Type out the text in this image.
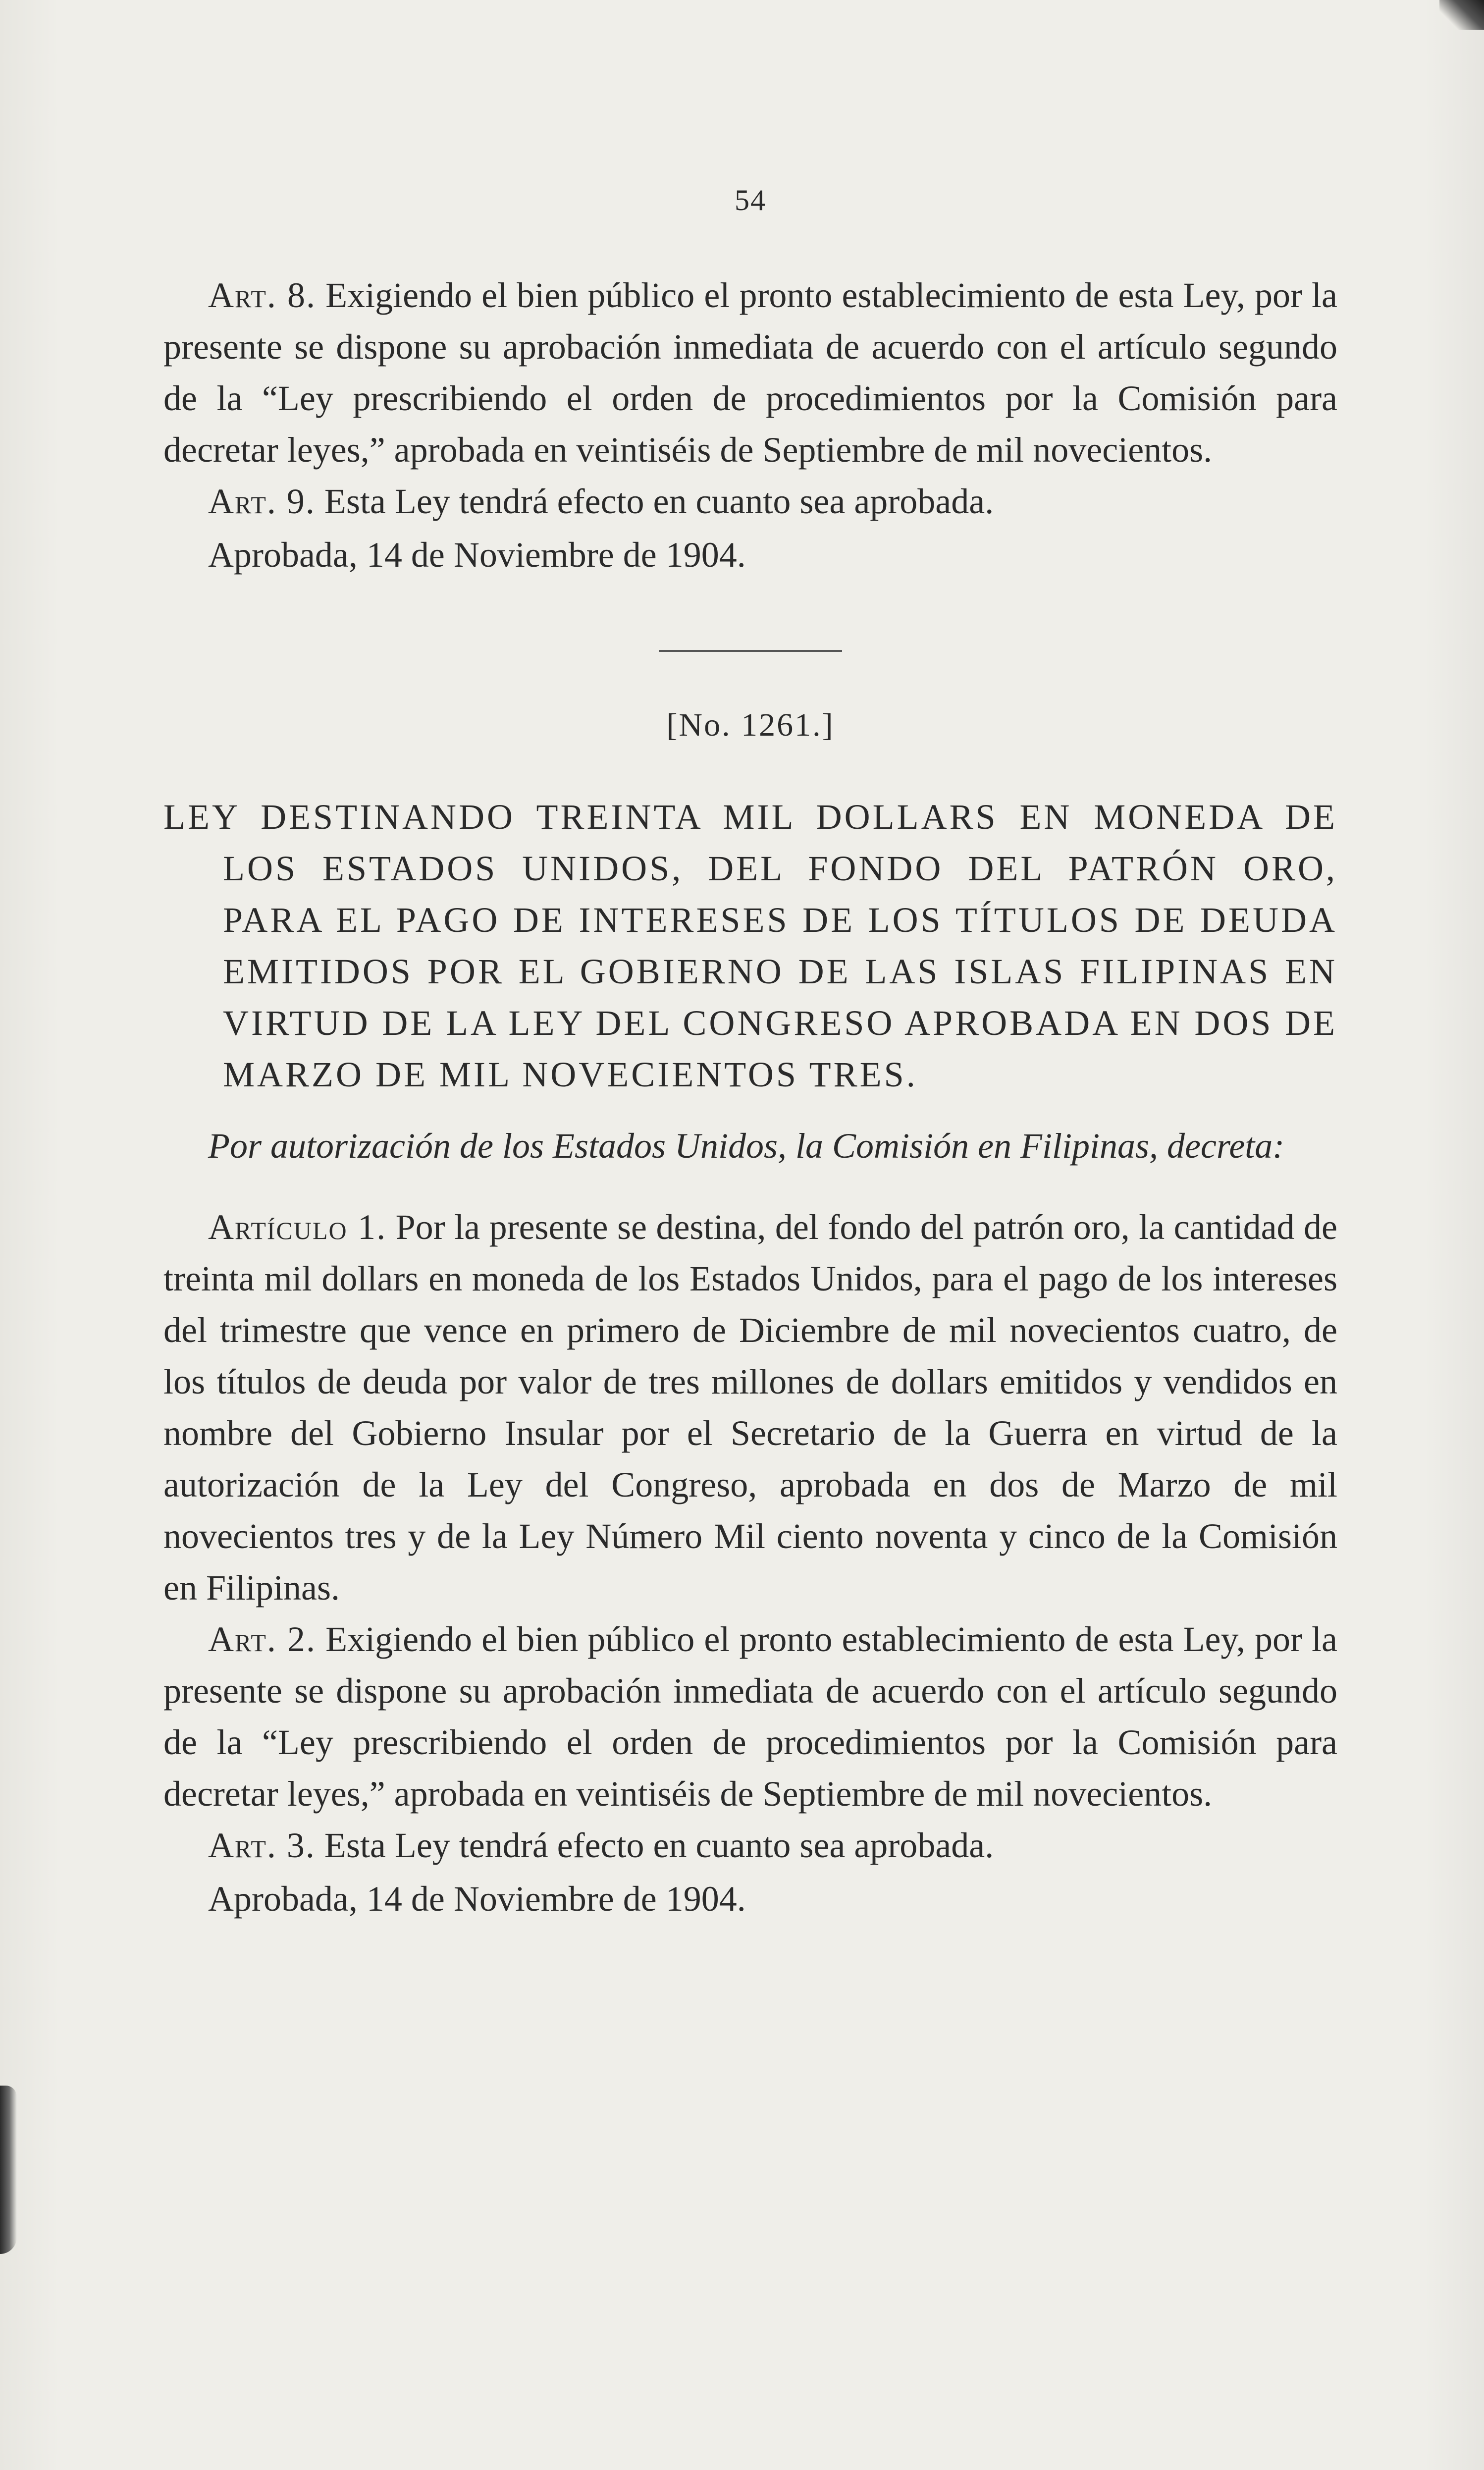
54

Art. 8. Exigiendo el bien público el pronto establecimiento de esta Ley, por la presente se dispone su aprobación inmediata de acuerdo con el artículo segundo de la “Ley prescribiendo el orden de procedimientos por la Comisión para decretar leyes,” aprobada en veintiséis de Septiembre de mil novecientos.

Art. 9. Esta Ley tendrá efecto en cuanto sea aprobada.

Aprobada, 14 de Noviembre de 1904.

[No. 1261.]
LEY DESTINANDO TREINTA MIL DOLLARS EN MONEDA DE LOS ESTADOS UNIDOS, DEL FONDO DEL PATRÓN ORO, PARA EL PAGO DE INTERESES DE LOS TÍTULOS DE DEUDA EMITIDOS POR EL GOBIERNO DE LAS ISLAS FILIPINAS EN VIRTUD DE LA LEY DEL CONGRESO APROBADA EN DOS DE MARZO DE MIL NOVECIENTOS TRES.
Por autorización de los Estados Unidos, la Comisión en Filipinas, decreta:

Artículo 1. Por la presente se destina, del fondo del patrón oro, la cantidad de treinta mil dollars en moneda de los Estados Unidos, para el pago de los intereses del trimestre que vence en primero de Diciembre de mil novecientos cuatro, de los títulos de deuda por valor de tres millones de dollars emitidos y vendidos en nombre del Gobierno Insular por el Secretario de la Guerra en virtud de la autorización de la Ley del Congreso, aprobada en dos de Marzo de mil novecientos tres y de la Ley Número Mil ciento noventa y cinco de la Comisión en Filipinas.

Art. 2. Exigiendo el bien público el pronto establecimiento de esta Ley, por la presente se dispone su aprobación inmediata de acuerdo con el artículo segundo de la “Ley prescribiendo el orden de procedimientos por la Comisión para decretar leyes,” aprobada en veintiséis de Septiembre de mil novecientos.

Art. 3. Esta Ley tendrá efecto en cuanto sea aprobada.

Aprobada, 14 de Noviembre de 1904.
